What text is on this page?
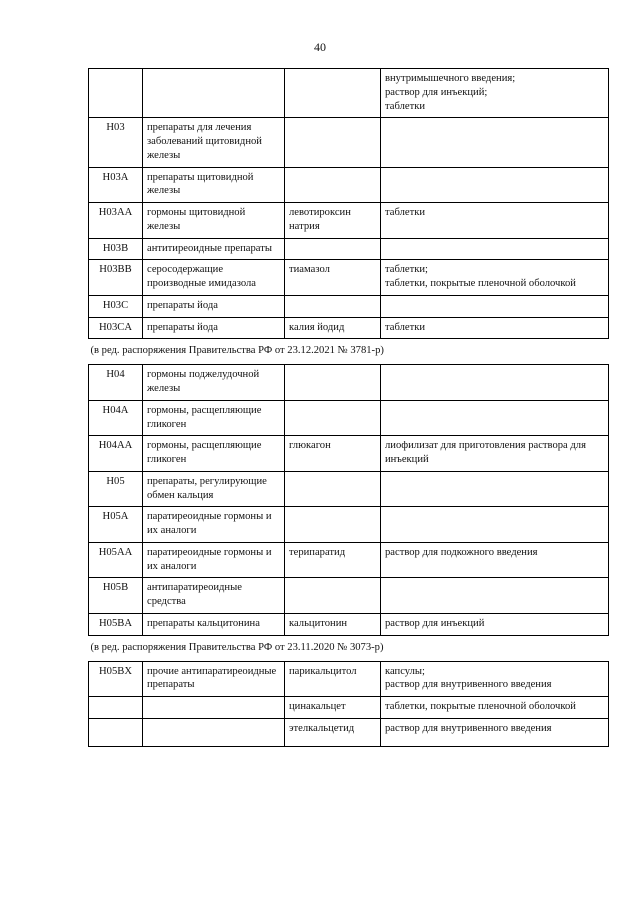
40

			внутримышечного введения;
раствор для инъекций;
таблетки

H03	препараты для лечения заболеваний щитовидной железы		
H03A	препараты щитовидной железы		
H03AA	гормоны щитовидной железы	левотироксин натрия	таблетки

H03B	антитиреоидные препараты		
H03BB	серосодержащие производные имидазола	тиамазол	таблетки;
таблетки, покрытые пленочной оболочкой

H03C	препараты йода		
H03CA	препараты йода	калия йодид	таблетки

(в ред. распоряжения Правительства РФ от 23.12.2021 № 3781-р)			
H04	гормоны поджелудочной железы		
H04A	гормоны, расщепляющие гликоген		
H04AA	гормоны, расщепляющие гликоген	глюкагон	лиофилизат для приготовления раствора для инъекций

H05	препараты, регулирующие обмен кальция		
H05A	паратиреоидные гормоны и их аналоги		
H05AA	паратиреоидные гормоны и их аналоги	терипаратид	раствор для подкожного введения

H05B	антипаратиреоидные средства		
H05BA	препараты кальцитонина	кальцитонин	раствор для инъекций

(в ред. распоряжения Правительства РФ от 23.11.2020 № 3073-р)			
H05BX	прочие антипаратиреоидные препараты	парикальцитол	капсулы;
раствор для внутривенного введения

		цинакальцет	таблетки, покрытые пленочной оболочкой

		этелкальцетид	раствор для внутривенного введения
